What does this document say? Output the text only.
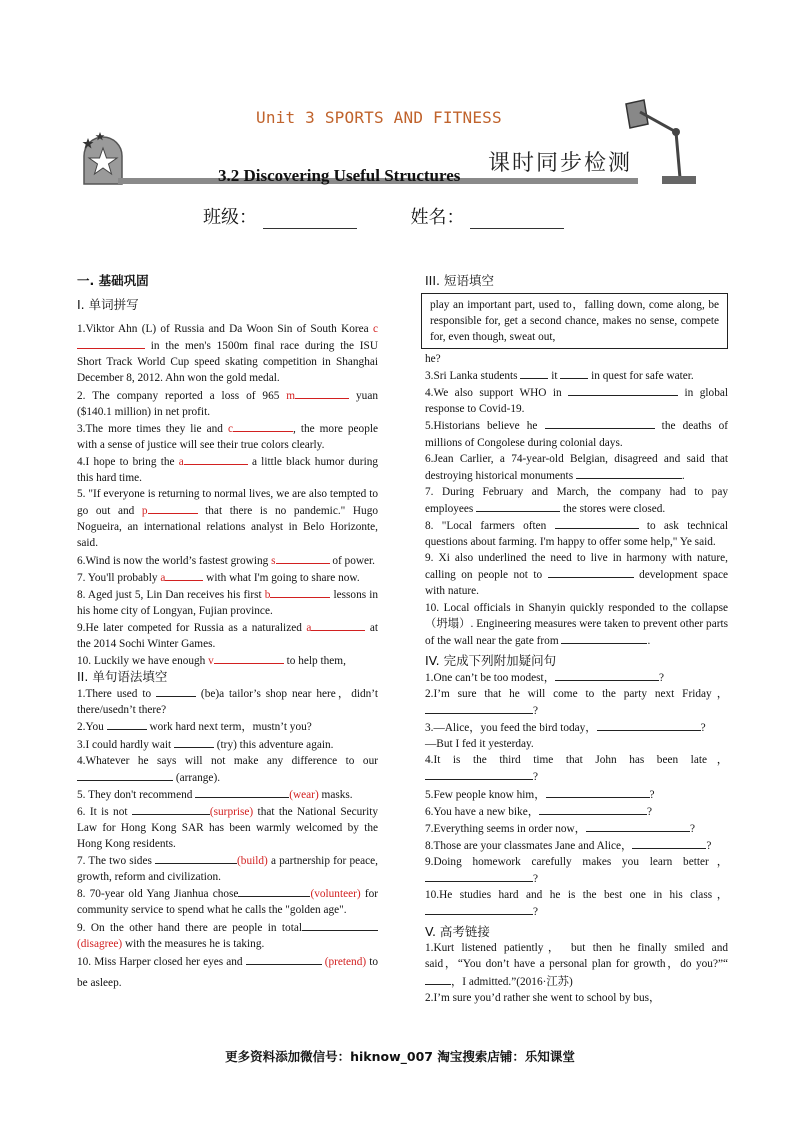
Unit 3 SPORTS AND FITNESS
课时同步检测
3.2 Discovering Useful Structures
班级：	姓名：

一. 基础巩固

I. 单词拼写

1.Viktor Ahn (L) of Russia and Da Woon Sin of South Korea c in the men's 1500m final race during the ISU Short Track World Cup speed skating competition in Shanghai December 8, 2012. Ahn won the gold medal.

2. The company reported a loss of 965 m	yuan ($140.1 million) in net profit.

3.The more times they lie and c	, the more people with a sense of justice will see their true colors clearly.

4.I hope to bring the a	a little black humor during this hard time.

5. "If everyone is returning to normal lives, we are also tempted to go out and p	that there is no pandemic." Hugo Nogueira, an international relations analyst in Belo Horizonte, said.

6.Wind is now the world’s fastest growing s	of power.

7. You'll probably a	with what I'm going to share now.

8. Aged just 5, Lin Dan receives his first b	lessons in his home city of Longyan, Fujian province.

9.He later competed for Russia as a naturalized a	at the 2014 Sochi Winter Games.

10. Luckily we have enough v	to help them,

II. 单句语法填空

1.There used to	(be)a tailor’s shop near here，didn’t there/usedn’t there?

2.You	work hard next term，mustn’t you?

3.I could hardly wait	(try) this adventure again.

4.Whatever he says will not make any difference to our  (arrange).

5. They don't recommend	(wear) masks.

6. It is not	(surprise) that the National Security Law for Hong Kong SAR has been warmly welcomed by the Hong Kong residents.

7. The two sides	(build) a partnership for peace, growth, reform and civilization.

8. 70-year old Yang Jianhua chose	(volunteer) for community service to spend what he calls the "golden age".

9. On the other hand there are people in total(disagree) with the measures he is taking.

10. Miss Harper closed her eyes and	(pretend) to be asleep.

III. 短语填空

play an important part, used to，falling down, come along, be responsible for, get a second chance, makes no sense, compete for, even though, sweat out,

he?

3.Sri Lanka students  it  in quest for safe water.

4.We also support WHO in	in global response to Covid-19.

5.Historians believe he	the deaths of millions of Congolese during colonial days.

6.Jean Carlier, a 74-year-old Belgian, disagreed and said that destroying historical monuments	.

7. During February and March, the company had to pay employees	the stores were closed.

8. "Local farmers often	to ask technical questions about farming. I'm happy to offer some help," Ye said.

9. Xi also underlined the need to live in harmony with nature, calling on people not to	development space with nature.

10. Local officials in Shanyin quickly responded to the collapse（坍塌）. Engineering measures were taken to prevent other parts of the wall near the gate from	.

IV. 完成下列附加疑问句

1.One can’t be too modest，	?

2.I’m sure that he will come to the party next Friday，?

3.—Alice，you feed the bird today，	?

—But I fed it yesterday.

4.It is the third time that John has been late，?

5.Few people know him，	?

6.You have a new bike，	?

7.Everything seems in order now，	?

8.Those are your classmates Jane and Alice，	?

9.Doing homework carefully makes you learn better，?

10.He studies hard and he is the best one in his class，?

V. 高考链接

1.Kurt listened patiently， but then he finally smiled and said，“You don’t have a personal plan for growth，do you?”“，I admitted.”(2016·江苏)

2.I’m sure you’d rather she went to school by bus，

更多资料添加微信号：hiknow_007 淘宝搜索店铺：乐知课堂
